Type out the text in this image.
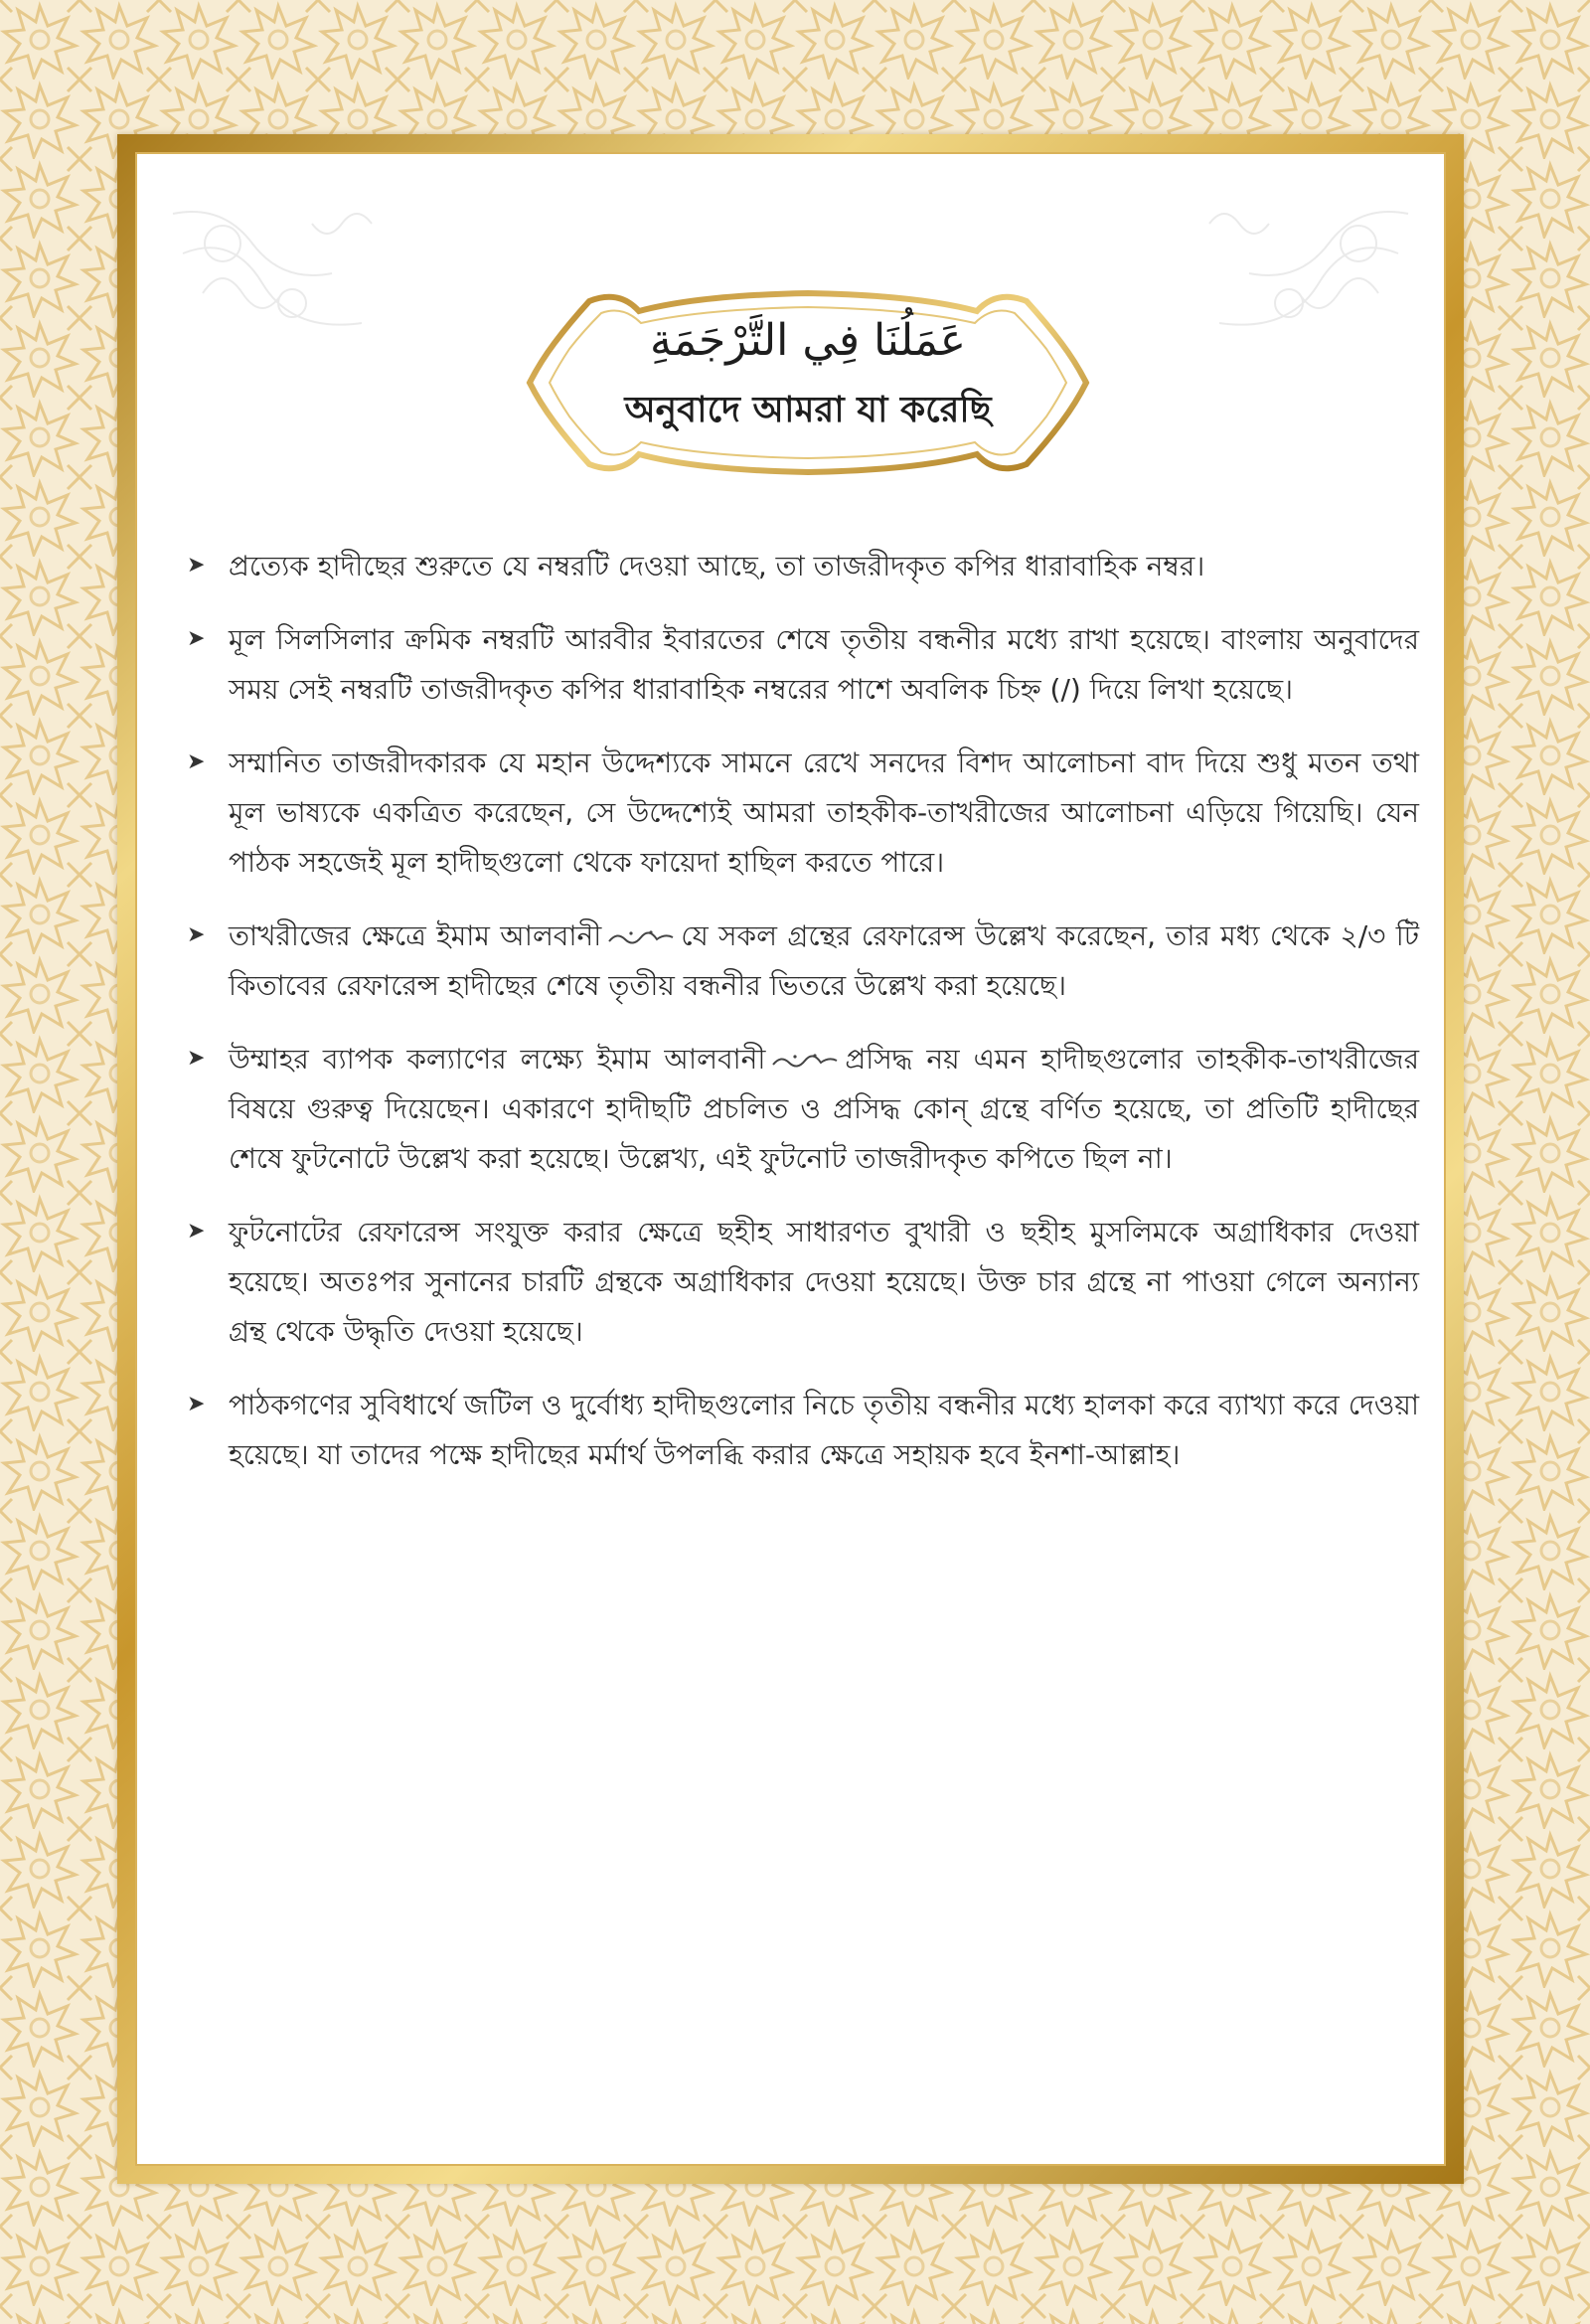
عَمَلُنَا فِي التَّرْجَمَةِ
অনুবাদে আমরা যা করেছি
➤ প্রত্যেক হাদীছের শুরুতে যে নম্বরটি দেওয়া আছে, তা তাজরীদকৃত কপির ধারাবাহিক নম্বর।

➤ মূল সিলসিলার ক্রমিক নম্বরটি আরবীর ইবারতের শেষে তৃতীয় বন্ধনীর মধ্যে রাখা হয়েছে। বাংলায় অনুবাদের সময় সেই নম্বরটি তাজরীদকৃত কপির ধারাবাহিক নম্বরের পাশে অবলিক চিহ্ন (/) দিয়ে লিখা হয়েছে।

➤ সম্মানিত তাজরীদকারক যে মহান উদ্দেশ্যকে সামনে রেখে সনদের বিশদ আলোচনা বাদ দিয়ে শুধু মতন তথা মূল ভাষ্যকে একত্রিত করেছেন, সে উদ্দেশ্যেই আমরা তাহকীক-তাখরীজের আলোচনা এড়িয়ে গিয়েছি। যেন পাঠক সহজেই মূল হাদীছগুলো থেকে ফায়েদা হাছিল করতে পারে।

➤ তাখরীজের ক্ষেত্রে ইমাম আলবানী	যে সকল গ্রন্থের রেফারেন্স উল্লেখ করেছেন, তার মধ্য থেকে ২/৩ টি কিতাবের রেফারেন্স হাদীছের শেষে তৃতীয় বন্ধনীর ভিতরে উল্লেখ করা হয়েছে।

➤ উম্মাহর ব্যাপক কল্যাণের লক্ষ্যে ইমাম আলবানী	প্রসিদ্ধ নয় এমন হাদীছগুলোর তাহকীক-তাখরীজের বিষয়ে গুরুত্ব দিয়েছেন। একারণে হাদীছটি প্রচলিত ও প্রসিদ্ধ কোন্ গ্রন্থে বর্ণিত হয়েছে, তা প্রতিটি হাদীছের শেষে ফুটনোটে উল্লেখ করা হয়েছে। উল্লেখ্য, এই ফুটনোট তাজরীদকৃত কপিতে ছিল না।

➤ ফুটনোটের রেফারেন্স সংযুক্ত করার ক্ষেত্রে ছহীহ সাধারণত বুখারী ও ছহীহ মুসলিমকে অগ্রাধিকার দেওয়া হয়েছে। অতঃপর সুনানের চারটি গ্রন্থকে অগ্রাধিকার দেওয়া হয়েছে। উক্ত চার গ্রন্থে না পাওয়া গেলে অন্যান্য গ্রন্থ থেকে উদ্ধৃতি দেওয়া হয়েছে।

➤ পাঠকগণের সুবিধার্থে জটিল ও দুর্বোধ্য হাদীছগুলোর নিচে তৃতীয় বন্ধনীর মধ্যে হালকা করে ব্যাখ্যা করে দেওয়া হয়েছে। যা তাদের পক্ষে হাদীছের মর্মার্থ উপলব্ধি করার ক্ষেত্রে সহায়ক হবে ইনশা-আল্লাহ।
